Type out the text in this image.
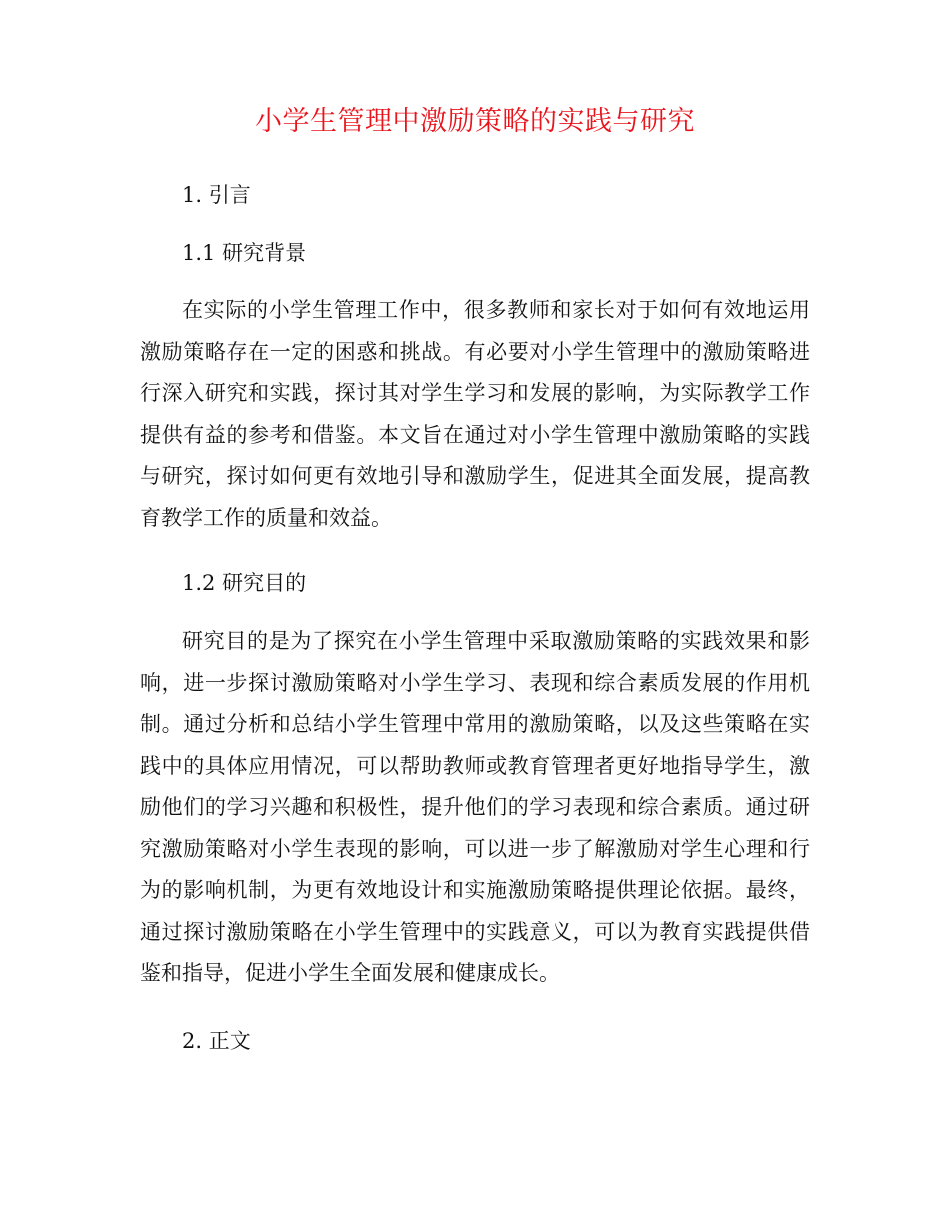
小学生管理中激励策略的实践与研究
1. 引言
1.1 研究背景

在实际的小学生管理工作中，很多教师和家长对于如何有效地运用激励策略存在一定的困惑和挑战。有必要对小学生管理中的激励策略进行深入研究和实践，探讨其对学生学习和发展的影响，为实际教学工作提供有益的参考和借鉴。本文旨在通过对小学生管理中激励策略的实践与研究，探讨如何更有效地引导和激励学生，促进其全面发展，提高教育教学工作的质量和效益。

1.2 研究目的

研究目的是为了探究在小学生管理中采取激励策略的实践效果和影响，进一步探讨激励策略对小学生学习、表现和综合素质发展的作用机制。通过分析和总结小学生管理中常用的激励策略，以及这些策略在实践中的具体应用情况，可以帮助教师或教育管理者更好地指导学生，激励他们的学习兴趣和积极性，提升他们的学习表现和综合素质。通过研究激励策略对小学生表现的影响，可以进一步了解激励对学生心理和行为的影响机制，为更有效地设计和实施激励策略提供理论依据。最终，通过探讨激励策略在小学生管理中的实践意义，可以为教育实践提供借鉴和指导，促进小学生全面发展和健康成长。

2. 正文
